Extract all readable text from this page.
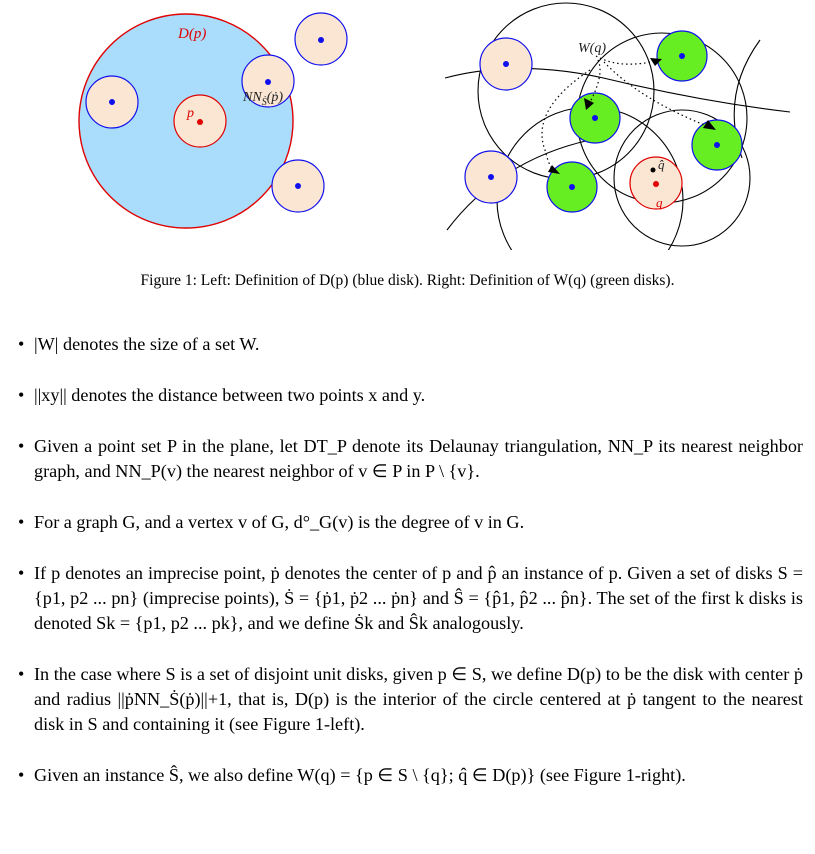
D(p)
p
$NN_Ṡ(ṗ)$
W(q)
q̂
q
Figure 1: Left: Definition of D(p) (blue disk). Right: Definition of W(q) (green disks).
• |W| denotes the size of a set W.
• ||xy|| denotes the distance between two points x and y.
• Given a point set P in the plane, let DT_P denote its Delaunay triangulation, NN_P its nearest neighbor graph, and NN_P(v) the nearest neighbor of v ∈ P in P \ {v}.
• For a graph G, and a vertex v of G, d°_G(v) is the degree of v in G.
• If p denotes an imprecise point, ṗ denotes the center of p and p̂ an instance of p. Given a set of disks S = {p1, p2 ... pn} (imprecise points), Ṡ = {ṗ1, ṗ2 ... ṗn} and Ŝ = {p̂1, p̂2 ... p̂n}. The set of the first k disks is denoted Sk = {p1, p2 ... pk}, and we define Ṡk and Ŝk analogously.
• In the case where S is a set of disjoint unit disks, given p ∈ S, we define D(p) to be the disk with center ṗ and radius ||ṗNN_Ṡ(ṗ)||+1, that is, D(p) is the interior of the circle centered at ṗ tangent to the nearest disk in S and containing it (see Figure 1-left).
• Given an instance Ŝ, we also define W(q) = {p ∈ S \ {q}; q̂ ∈ D(p)} (see Figure 1-right).
